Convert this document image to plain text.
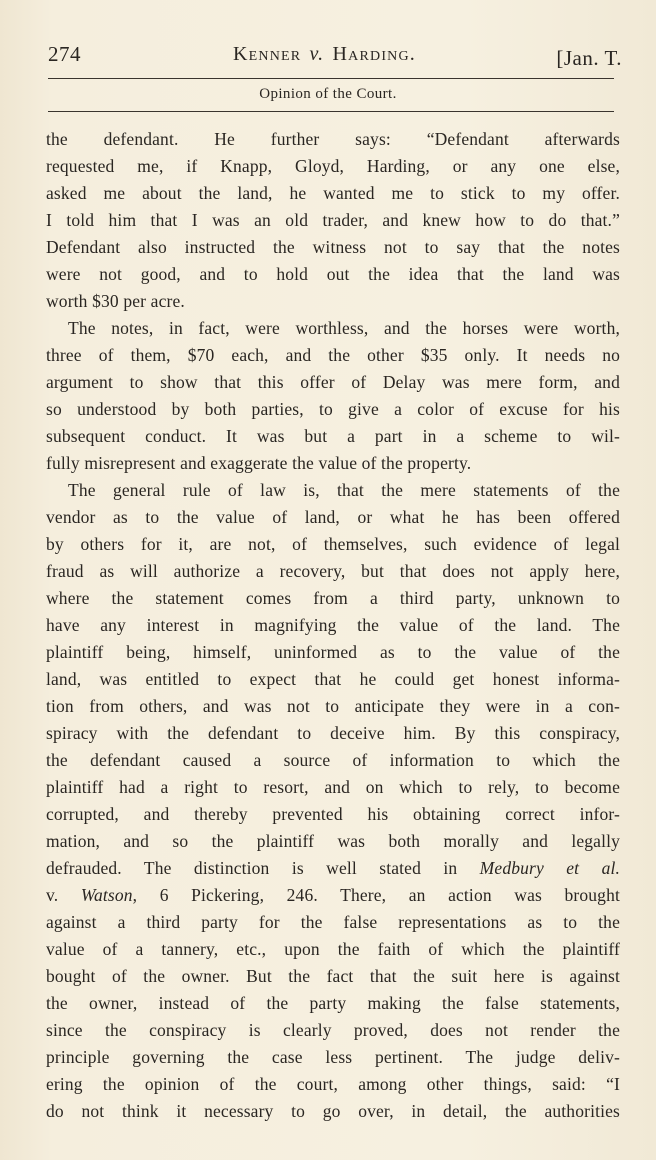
274	Kenner v. Harding.	[Jan. T.
Opinion of the Court.
the defendant. He further says: “Defendant afterwards
requested me, if Knapp, Gloyd, Harding, or any one else,
asked me about the land, he wanted me to stick to my offer.
I told him that I was an old trader, and knew how to do that.”
Defendant also instructed the witness not to say that the notes
were not good, and to hold out the idea that the land was
worth $30 per acre.
The notes, in fact, were worthless, and the horses were worth,
three of them, $70 each, and the other $35 only. It needs no
argument to show that this offer of Delay was mere form, and
so understood by both parties, to give a color of excuse for his
subsequent conduct. It was but a part in a scheme to wil-
fully misrepresent and exaggerate the value of the property.
The general rule of law is, that the mere statements of the
vendor as to the value of land, or what he has been offered
by others for it, are not, of themselves, such evidence of legal
fraud as will authorize a recovery, but that does not apply here,
where the statement comes from a third party, unknown to
have any interest in magnifying the value of the land. The
plaintiff being, himself, uninformed as to the value of the
land, was entitled to expect that he could get honest informa-
tion from others, and was not to anticipate they were in a con-
spiracy with the defendant to deceive him. By this conspiracy,
the defendant caused a source of information to which the
plaintiff had a right to resort, and on which to rely, to become
corrupted, and thereby prevented his obtaining correct infor-
mation, and so the plaintiff was both morally and legally
defrauded. The distinction is well stated in Medbury et al.
v. Watson, 6 Pickering, 246. There, an action was brought
against a third party for the false representations as to the
value of a tannery, etc., upon the faith of which the plaintiff
bought of the owner. But the fact that the suit here is against
the owner, instead of the party making the false statements,
since the conspiracy is clearly proved, does not render the
principle governing the case less pertinent. The judge deliv-
ering the opinion of the court, among other things, said: “I
do not think it necessary to go over, in detail, the authorities
